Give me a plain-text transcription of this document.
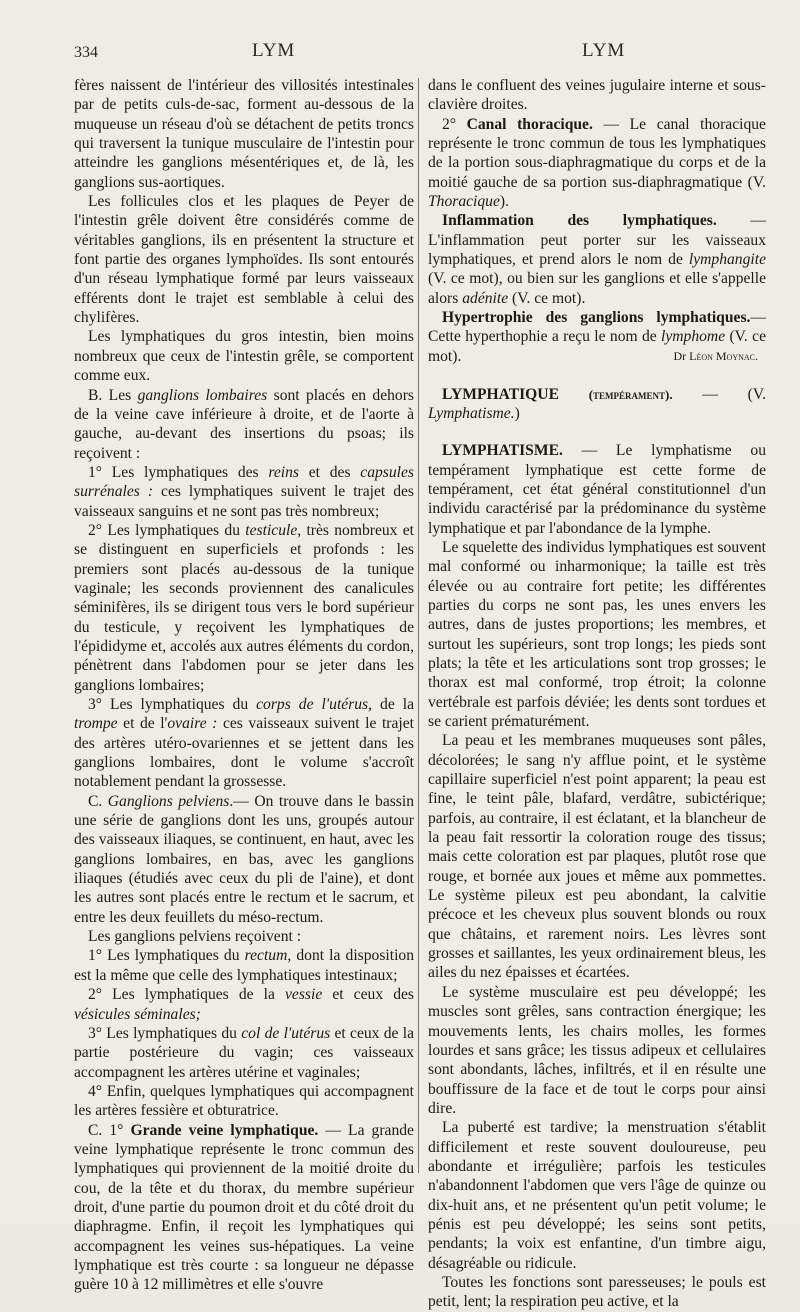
334	LYM	LYM

fères naissent de l'intérieur des villosités intestinales par de petits culs-de-sac, forment au-dessous de la muqueuse un réseau d'où se détachent de petits troncs qui traversent la tunique musculaire de l'intestin pour atteindre les ganglions mésentériques et, de là, les ganglions sus-aortiques.

Les follicules clos et les plaques de Peyer de l'intestin grêle doivent être considérés comme de véritables ganglions, ils en présentent la structure et font partie des organes lymphoïdes. Ils sont entourés d'un réseau lymphatique formé par leurs vaisseaux efférents dont le trajet est semblable à celui des chylifères.

Les lymphatiques du gros intestin, bien moins nombreux que ceux de l'intestin grêle, se comportent comme eux.

B. Les ganglions lombaires sont placés en dehors de la veine cave inférieure à droite, et de l'aorte à gauche, au-devant des insertions du psoas; ils reçoivent :

1° Les lymphatiques des reins et des capsules surrénales : ces lymphatiques suivent le trajet des vaisseaux sanguins et ne sont pas très nombreux;

2° Les lymphatiques du testicule, très nombreux et se distinguent en superficiels et profonds : les premiers sont placés au-dessous de la tunique vaginale; les seconds proviennent des canalicules séminifères, ils se dirigent tous vers le bord supérieur du testicule, y reçoivent les lymphatiques de l'épididyme et, accolés aux autres éléments du cordon, pénètrent dans l'abdomen pour se jeter dans les ganglions lombaires;

3° Les lymphatiques du corps de l'utérus, de la trompe et de l'ovaire : ces vaisseaux suivent le trajet des artères utéro-ovariennes et se jettent dans les ganglions lombaires, dont le volume s'accroît notablement pendant la grossesse.

C. Ganglions pelviens.— On trouve dans le bassin une série de ganglions dont les uns, groupés autour des vaisseaux iliaques, se continuent, en haut, avec les ganglions lombaires, en bas, avec les ganglions iliaques (étudiés avec ceux du pli de l'aine), et dont les autres sont placés entre le rectum et le sacrum, et entre les deux feuillets du méso-rectum.

Les ganglions pelviens reçoivent :

1° Les lymphatiques du rectum, dont la disposition est la même que celle des lymphatiques intestinaux;

2° Les lymphatiques de la vessie et ceux des vésicules séminales;

3° Les lymphatiques du col de l'utérus et ceux de la partie postérieure du vagin; ces vaisseaux accompagnent les artères utérine et vaginales;

4° Enfin, quelques lymphatiques qui accompagnent les artères fessière et obturatrice.

C. 1° Grande veine lymphatique. — La grande veine lymphatique représente le tronc commun des lymphatiques qui proviennent de la moitié droite du cou, de la tête et du thorax, du membre supérieur droit, d'une partie du poumon droit et du côté droit du diaphragme. Enfin, il reçoit les lymphatiques qui accompagnent les veines sus-hépatiques. La veine lymphatique est très courte : sa longueur ne dépasse guère 10 à 12 millimètres et elle s'ouvre

dans le confluent des veines jugulaire interne et sous-clavière droites.

2° Canal thoracique. — Le canal thoracique représente le tronc commun de tous les lymphatiques de la portion sous-diaphragmatique du corps et de la moitié gauche de sa portion sus-diaphragmatique (V. Thoracique).

Inflammation des lymphatiques. — L'inflammation peut porter sur les vaisseaux lymphatiques, et prend alors le nom de lymphangite (V. ce mot), ou bien sur les ganglions et elle s'appelle alors adénite (V. ce mot).

Hypertrophie des ganglions lymphatiques.— Cette hyperthophie a reçu le nom de lymphome (V. ce mot).	Dr Léon Moynac.

LYMPHATIQUE (tempérament). — (V. Lymphatisme.)

LYMPHATISME. — Le lymphatisme ou tempérament lymphatique est cette forme de tempérament, cet état général constitutionnel d'un individu caractérisé par la prédominance du système lymphatique et par l'abondance de la lymphe.

Le squelette des individus lymphatiques est souvent mal conformé ou inharmonique; la taille est très élevée ou au contraire fort petite; les différentes parties du corps ne sont pas, les unes envers les autres, dans de justes proportions; les membres, et surtout les supérieurs, sont trop longs; les pieds sont plats; la tête et les articulations sont trop grosses; le thorax est mal conformé, trop étroit; la colonne vertébrale est parfois déviée; les dents sont tordues et se carient prématurément.

La peau et les membranes muqueuses sont pâles, décolorées; le sang n'y afflue point, et le système capillaire superficiel n'est point apparent; la peau est fine, le teint pâle, blafard, verdâtre, subictérique; parfois, au contraire, il est éclatant, et la blancheur de la peau fait ressortir la coloration rouge des tissus; mais cette coloration est par plaques, plutôt rose que rouge, et bornée aux joues et même aux pommettes. Le système pileux est peu abondant, la calvitie précoce et les cheveux plus souvent blonds ou roux que châtains, et rarement noirs. Les lèvres sont grosses et saillantes, les yeux ordinairement bleus, les ailes du nez épaisses et écartées.

Le système musculaire est peu développé; les muscles sont grêles, sans contraction énergique; les mouvements lents, les chairs molles, les formes lourdes et sans grâce; les tissus adipeux et cellulaires sont abondants, lâches, infiltrés, et il en résulte une bouffissure de la face et de tout le corps pour ainsi dire.

La puberté est tardive; la menstruation s'établit difficilement et reste souvent douloureuse, peu abondante et irrégulière; parfois les testicules n'abandonnent l'abdomen que vers l'âge de quinze ou dix-huit ans, et ne présentent qu'un petit volume; le pénis est peu développé; les seins sont petits, pendants; la voix est enfantine, d'un timbre aigu, désagréable ou ridicule.

Toutes les fonctions sont paresseuses; le pouls est petit, lent; la respiration peu active, et la
